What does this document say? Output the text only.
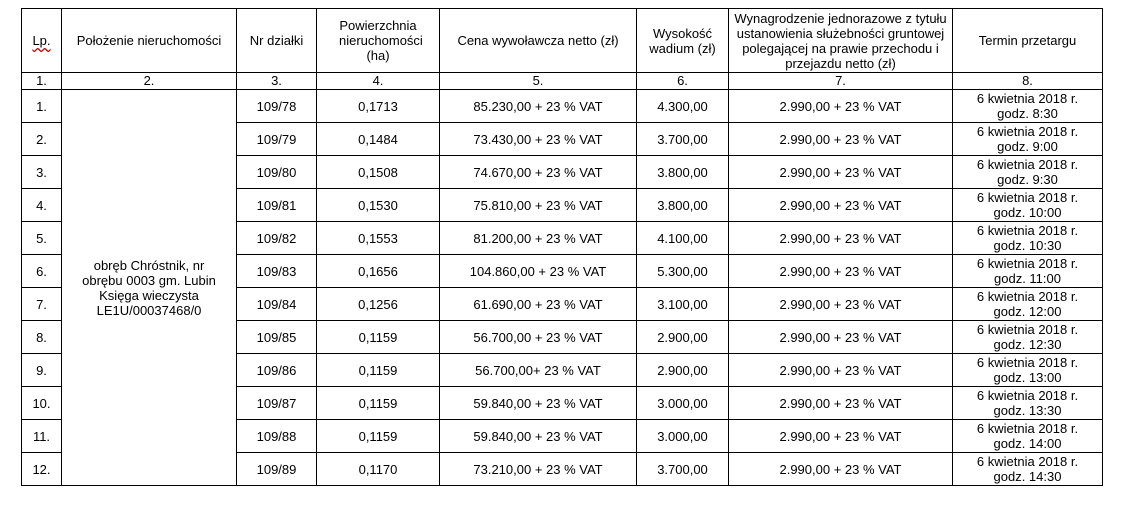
Lp.	Położenie nieruchomości	Nr działki	Powierzchnia nieruchomości (ha)	Cena wywoławcza netto (zł)	Wysokość wadium (zł)	Wynagrodzenie jednorazowe z tytułu ustanowienia służebności gruntowej polegającej na prawie przechodu i przejazdu netto (zł)	Termin przetargu
1.	2.	3.	4.	5.	6.	7.	8.
1.	obręb Chróstnik, nr obrębu 0003 gm. Lubin Księga wieczysta LE1U/00037468/0	109/78	0,1713	85.230,00 + 23 % VAT	4.300,00	2.990,00 + 23 % VAT	6 kwietnia 2018 r. godz. 8:30
2.		109/79	0,1484	73.430,00 + 23 % VAT	3.700,00	2.990,00 + 23 % VAT	6 kwietnia 2018 r. godz. 9:00
3.		109/80	0,1508	74.670,00 + 23 % VAT	3.800,00	2.990,00 + 23 % VAT	6 kwietnia 2018 r. godz. 9:30
4.		109/81	0,1530	75.810,00 + 23 % VAT	3.800,00	2.990,00 + 23 % VAT	6 kwietnia 2018 r. godz. 10:00
5.		109/82	0,1553	81.200,00 + 23 % VAT	4.100,00	2.990,00 + 23 % VAT	6 kwietnia 2018 r. godz. 10:30
6.		109/83	0,1656	104.860,00 + 23 % VAT	5.300,00	2.990,00 + 23 % VAT	6 kwietnia 2018 r. godz. 11:00
7.		109/84	0,1256	61.690,00 + 23 % VAT	3.100,00	2.990,00 + 23 % VAT	6 kwietnia 2018 r. godz. 12:00
8.		109/85	0,1159	56.700,00 + 23 % VAT	2.900,00	2.990,00 + 23 % VAT	6 kwietnia 2018 r. godz. 12:30
9.		109/86	0,1159	56.700,00+ 23 % VAT	2.900,00	2.990,00 + 23 % VAT	6 kwietnia 2018 r. godz. 13:00
10.		109/87	0,1159	59.840,00 + 23 % VAT	3.000,00	2.990,00 + 23 % VAT	6 kwietnia 2018 r. godz. 13:30
11.		109/88	0,1159	59.840,00 + 23 % VAT	3.000,00	2.990,00 + 23 % VAT	6 kwietnia 2018 r. godz. 14:00
12.		109/89	0,1170	73.210,00 + 23 % VAT	3.700,00	2.990,00 + 23 % VAT	6 kwietnia 2018 r. godz. 14:30
